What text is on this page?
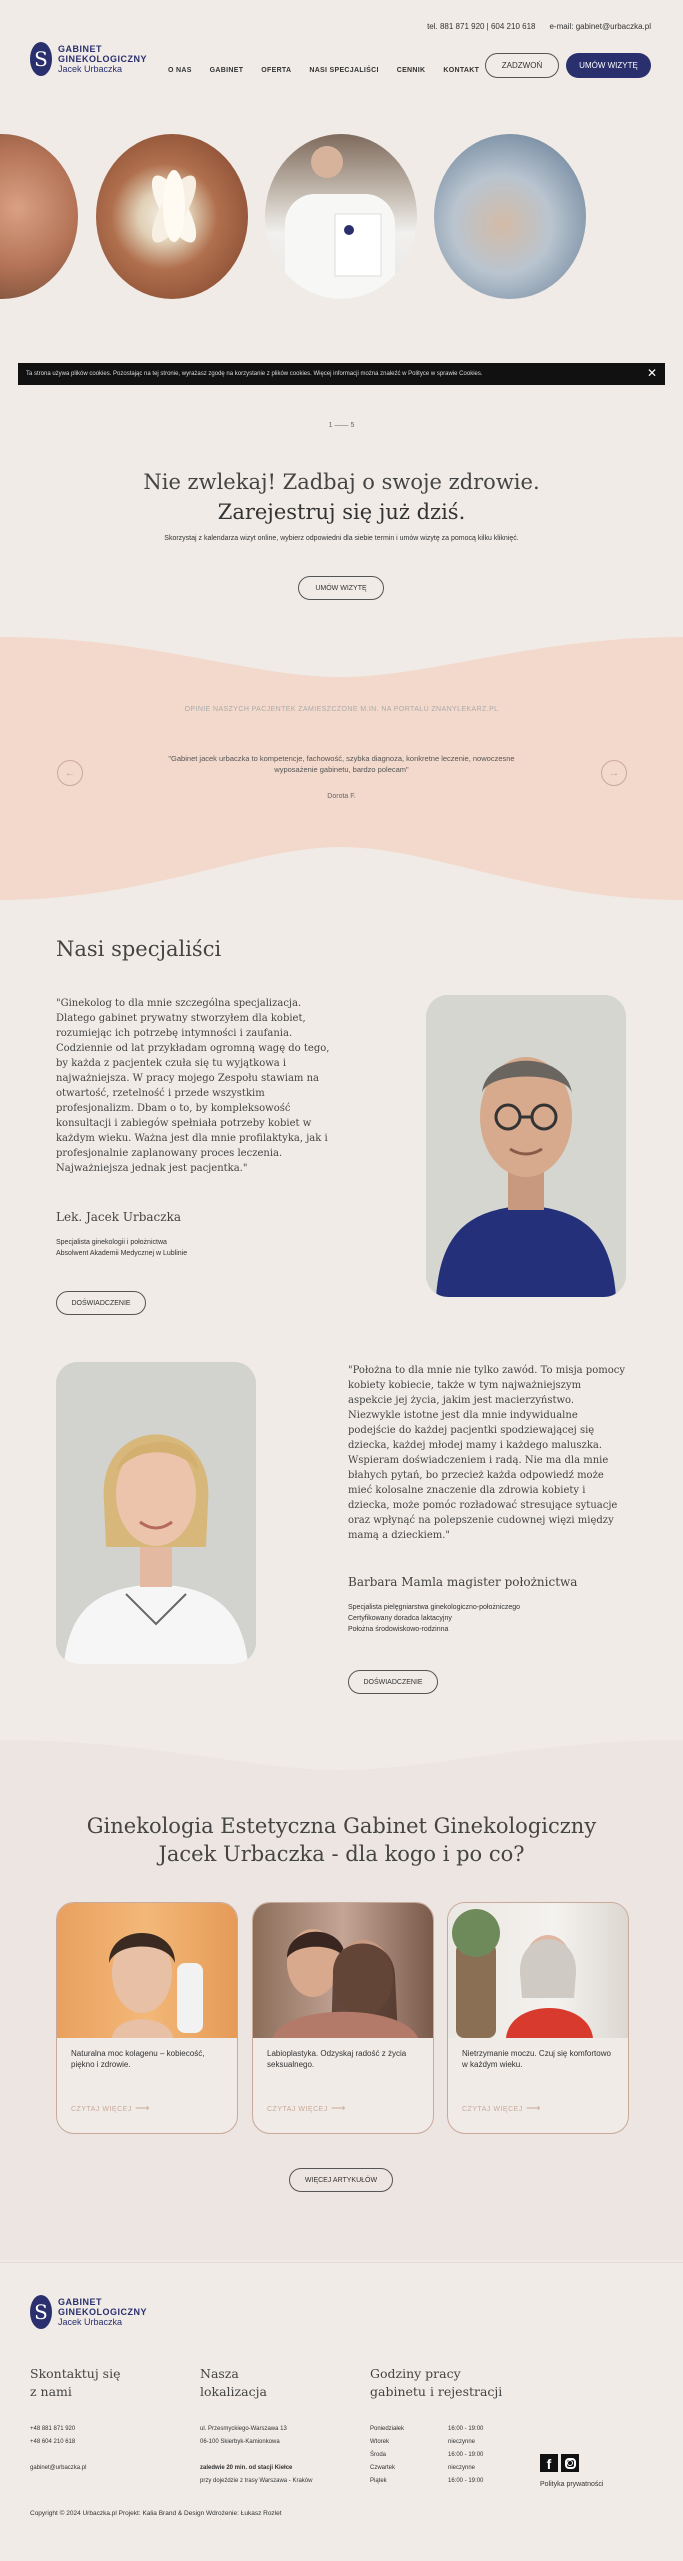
tel. 881 871 920 | 604 210 618 e-mail: gabinet@urbaczka.pl
S	GABINET
GINEKOLOGICZNY
Jacek Urbaczka	O NAS	GABINET	OFERTA	NASI SPECJALIŚCI	CENNIK	KONTAKT
ZADZWOŃ	UMÓW WIZYTĘ
Ta strona używa plików cookies. Pozostając na tej stronie, wyrażasz zgodę na korzystanie z plików cookies. Więcej informacji można znaleźć w Polityce w sprawie Cookies.	✕
1 —— 5
Nie zwlekaj! Zadbaj o swoje zdrowie.
Zarejestruj się już dziś.
Skorzystaj z kalendarza wizyt online, wybierz odpowiedni dla siebie termin i umów wizytę za pomocą kilku kliknięć.
UMÓW WIZYTĘ
OPINIE NASZYCH PACJENTEK ZAMIESZCZONE M.IN. NA PORTALU ZNANYLEKARZ.PL
"Gabinet jacek urbaczka to kompetencje, fachowość, szybka diagnoza, konkretne leczenie, nowoczesne wyposażenie gabinetu, bardzo polecam"
Dorota F.
←	→
Nasi specjaliści
"Ginekolog to dla mnie szczególna specjalizacja. Dlatego gabinet prywatny stworzyłem dla kobiet, rozumiejąc ich potrzebę intymności i zaufania. Codziennie od lat przykładam ogromną wagę do tego, by każda z pacjentek czuła się tu wyjątkowa i najważniejsza. W pracy mojego Zespołu stawiam na otwartość, rzetelność i przede wszystkim profesjonalizm. Dbam o to, by kompleksowość konsultacji i zabiegów spełniała potrzeby kobiet w każdym wieku. Ważna jest dla mnie profilaktyka, jak i profesjonalnie zaplanowany proces leczenia. Najważniejsza jednak jest pacjentka."
Lek. Jacek Urbaczka
Specjalista ginekologii i położnictwa
Absolwent Akademii Medycznej w Lublinie
DOŚWIADCZENIE
"Położna to dla mnie nie tylko zawód. To misja pomocy kobiety kobiecie, także w tym najważniejszym aspekcie jej życia, jakim jest macierzyństwo. Niezwykle istotne jest dla mnie indywidualne podejście do każdej pacjentki spodziewającej się dziecka, każdej młodej mamy i każdego maluszka. Wspieram doświadczeniem i radą. Nie ma dla mnie błahych pytań, bo przecież każda odpowiedź może mieć kolosalne znaczenie dla zdrowia kobiety i dziecka, może pomóc rozładować stresujące sytuacje oraz wpłynąć na polepszenie cudownej więzi między mamą a dzieckiem."
Barbara Mamla magister położnictwa
Specjalista pielęgniarstwa ginekologiczno-położniczego
Certyfikowany doradca laktacyjny
Położna środowiskowo-rodzinna
DOŚWIADCZENIE
Ginekologia Estetyczna Gabinet Ginekologiczny
Jacek Urbaczka - dla kogo i po co?
Naturalna moc kolagenu – kobiecość, piękno i zdrowie.
CZYTAJ WIĘCEJ ⟶
Labioplastyka. Odzyskaj radość z życia seksualnego.
CZYTAJ WIĘCEJ ⟶
Nietrzymanie moczu. Czuj się komfortowo w każdym wieku.
CZYTAJ WIĘCEJ ⟶
WIĘCEJ ARTYKUŁÓW
S	GABINET
GINEKOLOGICZNY
Jacek Urbaczka
Skontaktuj się
z nami
+48 881 871 920
+48 604 210 618

gabinet@urbaczka.pl
Nasza
lokalizacja
ul. Przesmyckiego-Warszawa 13
06-100 Skierbyk-Kamionkowa

zaledwie 20 min. od stacji Kiełce
przy dojeździe z trasy Warszawa - Kraków
Godziny pracy
gabinetu i rejestracji
Poniedziałek	16:00 - 19:00
Wtorek	nieczynne
Środa	16:00 - 19:00
Czwartek	nieczynne
Piątek	16:00 - 19:00
f
Polityka prywatności
Copyright © 2024 Urbaczka.pl Projekt: Kalia Brand & Design Wdrożenie: Łukasz Rozlet
